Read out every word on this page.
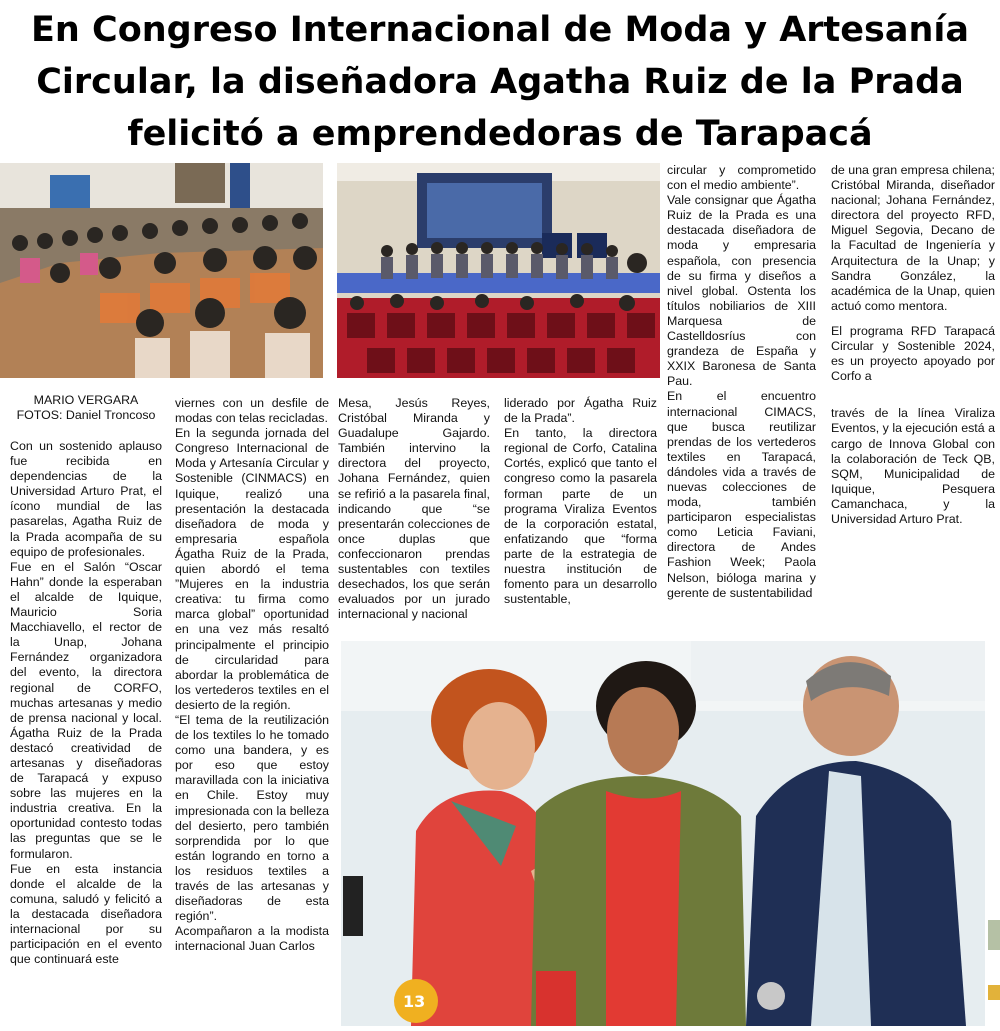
En Congreso Internacional de Moda y Artesanía
Circular, la diseñadora Agatha Ruiz de la Prada
felicitó a emprendedoras de Tarapacá
13

MARIO VERGARA
FOTOS: Daniel Troncoso

Con un sostenido aplauso fue recibida en dependencias de la Universidad Arturo Prat, el ícono mundial de las pasarelas, Agatha Ruiz de la Prada acompaña de su equipo de profesionales.

Fue en el Salón “Oscar Hahn” donde la esperaban el alcalde de Iquique, Mauricio Soria Macchiavello, el rector de la Unap, Johana Fernández organizadora del evento, la directora regional de CORFO, muchas artesanas y medio de prensa nacional y local. Ágatha Ruiz de la Prada destacó creatividad de artesanas y diseñadoras de Tarapacá y expuso sobre las mujeres en la industria creativa. En la oportunidad contesto todas las preguntas que se le formularon.

Fue en esta instancia donde el alcalde de la comuna, saludó y felicitó a la destacada diseñadora internacional por su participación en el evento que continuará este

viernes con un desfile de modas con telas recicladas.

En la segunda jornada del Congreso Internacional de Moda y Artesanía Circular y Sostenible (CINMACS) en Iquique, realizó una presentación la destacada diseñadora de moda y empresaria española Ágatha Ruiz de la Prada, quien abordó el tema ”Mujeres en la industria creativa: tu firma como marca global” oportunidad en una vez más resaltó principalmente el principio de circularidad para abordar la problemática de los vertederos textiles en el desierto de la región.

“El tema de la reutilización de los textiles lo he tomado como una bandera, y es por eso que estoy maravillada con la iniciativa en Chile. Estoy muy impresionada con la belleza del desierto, pero también sorprendida por lo que están logrando en torno a los residuos textiles a través de las artesanas y diseñadoras de esta región”.

Acompañaron a la modista internacional Juan Carlos

Mesa, Jesús Reyes, Cristóbal Miranda y Guadalupe Gajardo. También intervino la directora del proyecto, Johana Fernández, quien se refirió a la pasarela final, indicando que “se presentarán colecciones de once duplas que confeccionaron prendas sustentables con textiles desechados, los que serán evaluados por un jurado internacional y nacional

liderado por Ágatha Ruiz de la Prada”.

En tanto, la directora regional de Corfo, Catalina Cortés, explicó que tanto el congreso como la pasarela forman parte de un programa Viraliza Eventos de la corporación estatal, enfatizando que “forma parte de la estrategia de nuestra institución de fomento para un desarrollo sustentable,

circular y comprometido con el medio ambiente”.

Vale consignar que Ágatha Ruiz de la Prada es una destacada diseñadora de moda y empresaria española, con presencia de su firma y diseños a nivel global. Ostenta los títulos nobiliarios de XIII Marquesa de Castelldosríus con grandeza de España y XXIX Baronesa de Santa Pau.

En el encuentro internacional CIMACS, que busca reutilizar prendas de los vertederos textiles en Tarapacá, dándoles vida a través de nuevas colecciones de moda, también participaron especialistas como Leticia Faviani, directora de Andes Fashion Week; Paola Nelson, bióloga marina y gerente de sustentabilidad

de una gran empresa chilena; Cristóbal Miranda, diseñador nacional; Johana Fernández, directora del proyecto RFD, Miguel Segovia, Decano de la Facultad de Ingeniería y Arquitectura de la Unap; y Sandra González, la académica de la Unap, quien actuó como mentora.

El programa RFD Tarapacá Circular y Sostenible 2024, es un proyecto apoyado por Corfo a

través de la línea Viraliza Eventos, y la ejecución está a cargo de Innova Global con la colaboración de Teck QB, SQM, Municipalidad de Iquique, Pesquera Camanchaca, y la Universidad Arturo Prat.
